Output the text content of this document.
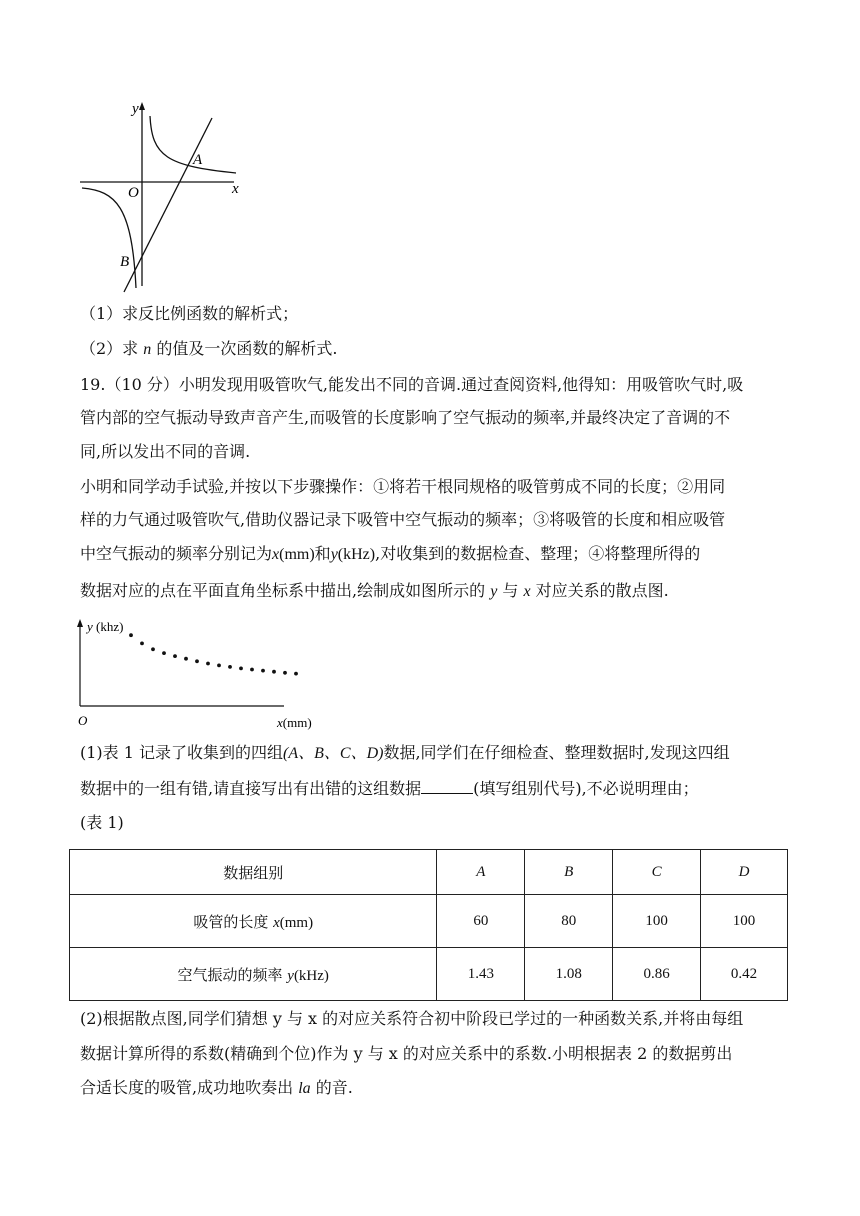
y
x
O
A
B
（1）求反比例函数的解析式；
（2）求 n 的值及一次函数的解析式.
19.（10 分）小明发现用吸管吹气,能发出不同的音调.通过查阅资料,他得知：用吸管吹气时,吸
管内部的空气振动导致声音产生,而吸管的长度影响了空气振动的频率,并最终决定了音调的不
同,所以发出不同的音调.
小明和同学动手试验,并按以下步骤操作：①将若干根同规格的吸管剪成不同的长度；②用同
样的力气通过吸管吹气,借助仪器记录下吸管中空气振动的频率；③将吸管的长度和相应吸管
中空气振动的频率分别记为x(mm)和y(kHz),对收集到的数据检查、整理；④将整理所得的
数据对应的点在平面直角坐标系中描出,绘制成如图所示的 y 与 x 对应关系的散点图.
y (khz)
O	x(mm)
(1)表 1 记录了收集到的四组(A、B、C、D)数据,同学们在仔细检查、整理数据时,发现这四组
数据中的一组有错,请直接写出有出错的这组数据	(填写组别代号),不必说明理由；
(表 1)
数据组别	A	B	C	D
吸管的长度 x(mm)	60	80	100	100
空气振动的频率 y(kHz)	1.43	1.08	0.86	0.42
(2)根据散点图,同学们猜想 y 与 x 的对应关系符合初中阶段已学过的一种函数关系,并将由每组
数据计算所得的系数(精确到个位)作为 y 与 x 的对应关系中的系数.小明根据表 2 的数据剪出
合适长度的吸管,成功地吹奏出 la 的音.
